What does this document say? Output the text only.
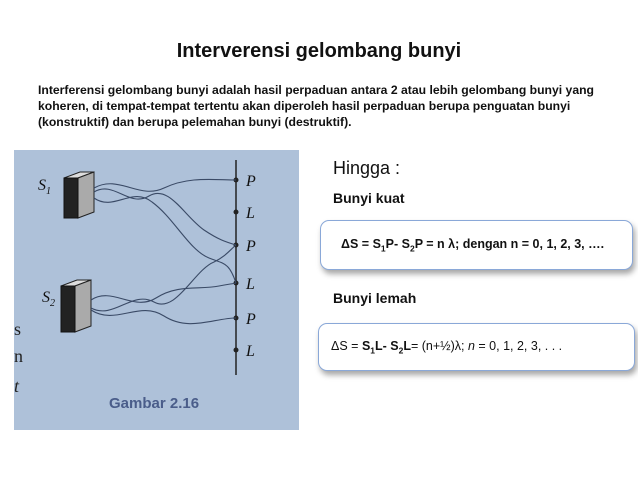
Interverensi gelombang bunyi
Interferensi gelombang bunyi adalah hasil perpaduan antara 2 atau lebih gelombang bunyi yang koheren, di tempat-tempat tertentu akan diperoleh hasil perpaduan berupa penguatan bunyi (konstruktif) dan berupa pelemahan bunyi (destruktif).
s
n
t
$S_1$
$S_2$
P
L
P
L
P
L
Gambar 2.16
Hingga :
Bunyi kuat
$\Delta S = S_1P-$ $S_2P = n$ λ; dengan n = 0, 1, 2, 3, ….
Bunyi lemah
$\Delta S = S_1L-$ $S_2L=$ (n+½)λ; n = 0, 1, 2, 3, . . .
